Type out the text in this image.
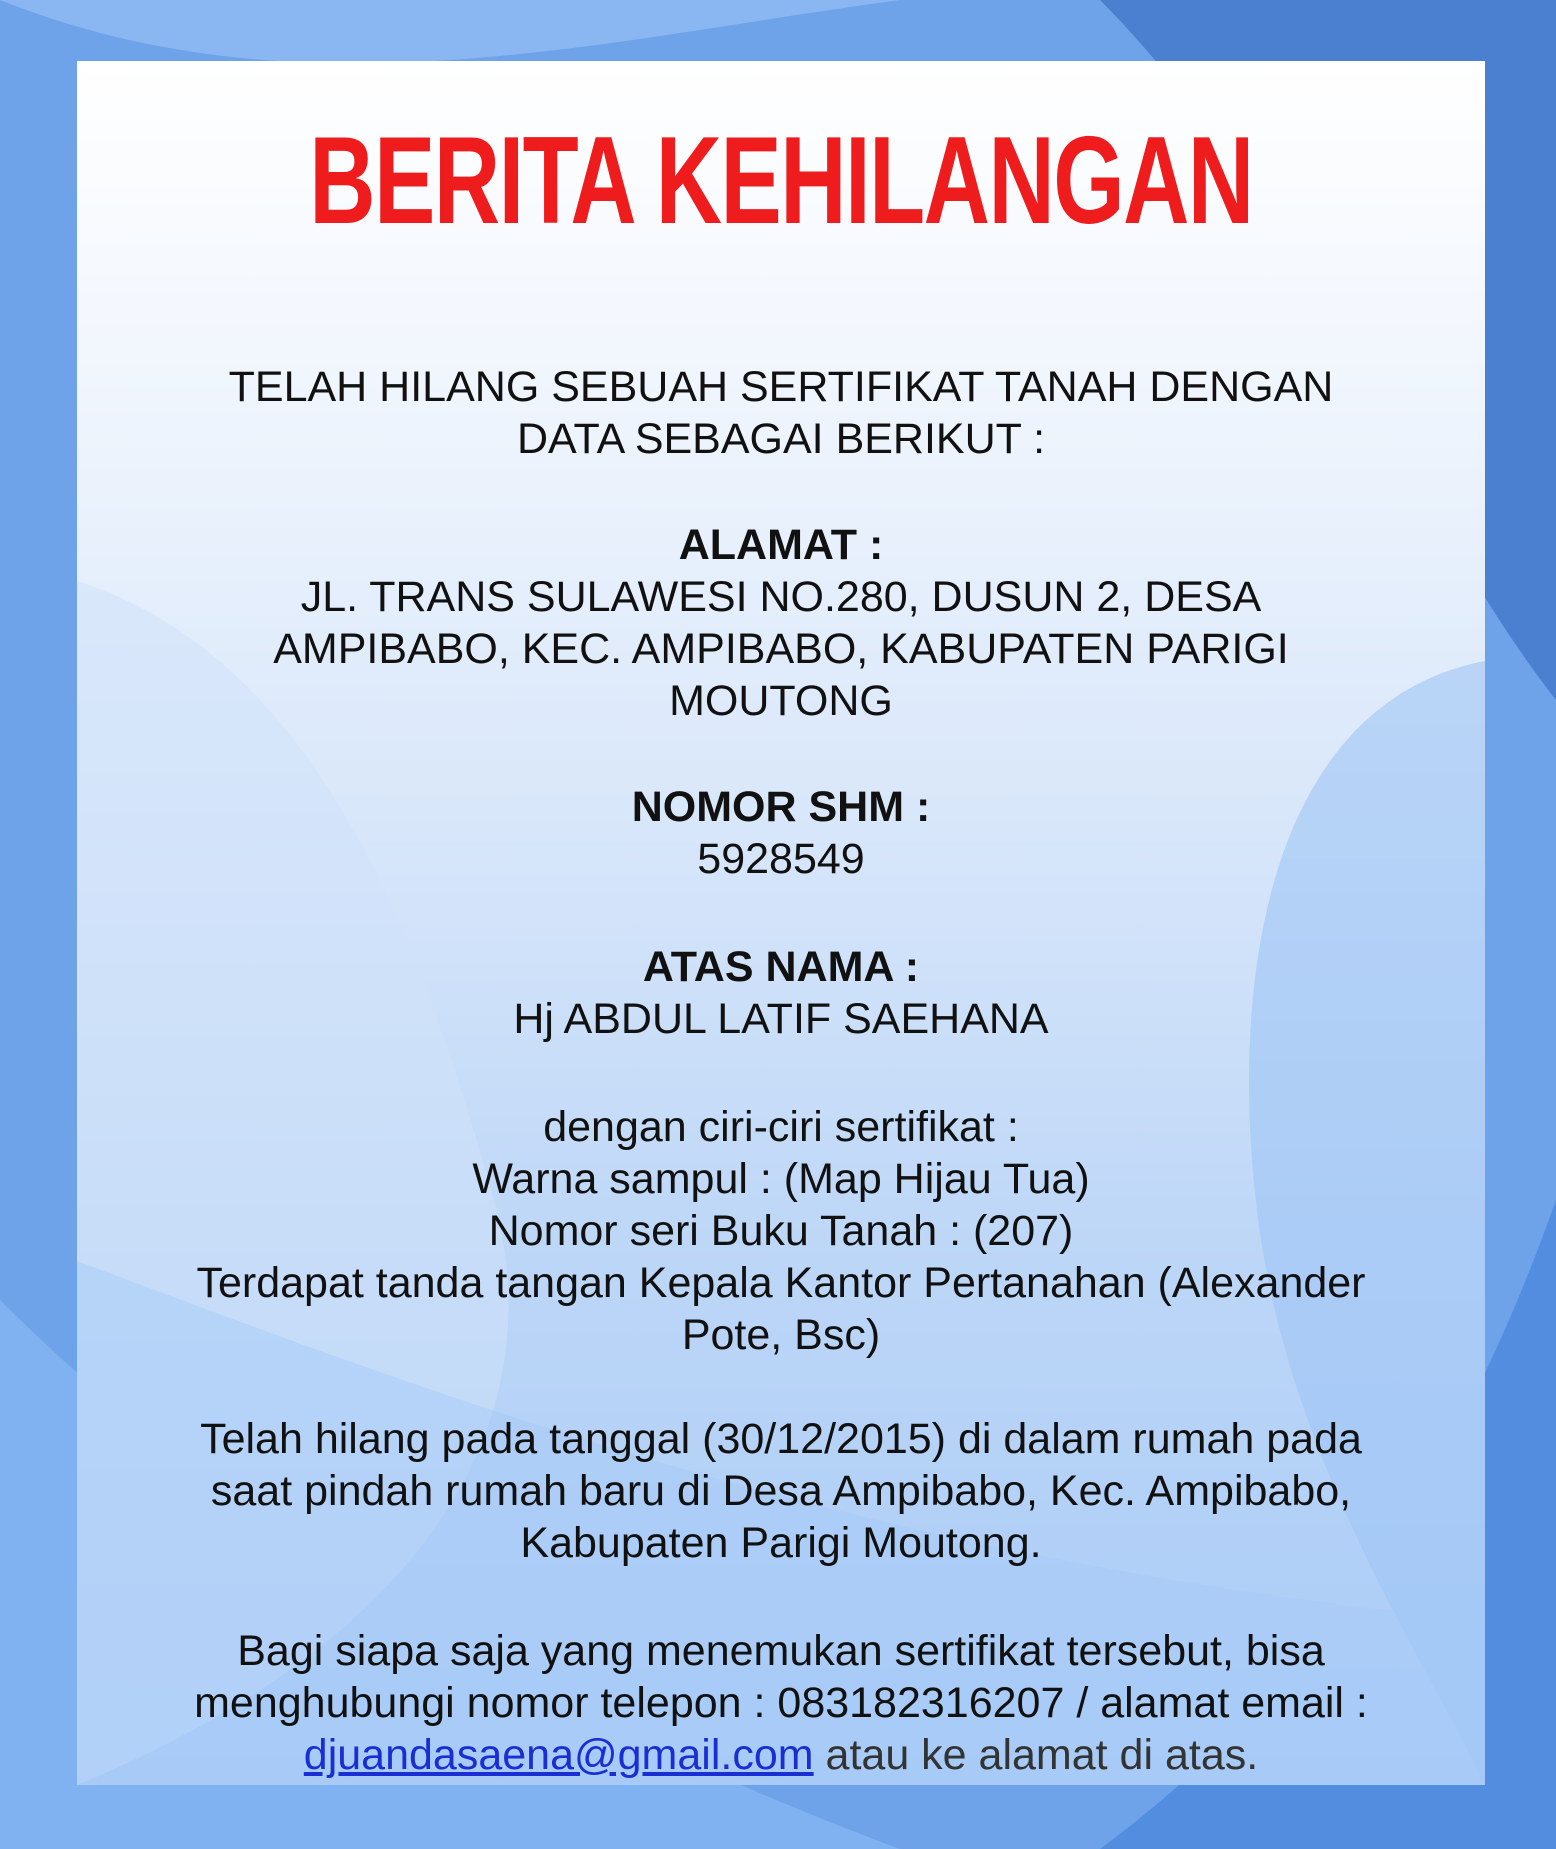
BERITA KEHILANGAN

TELAH HILANG SEBUAH SERTIFIKAT TANAH DENGAN

DATA SEBAGAI BERIKUT :

ALAMAT :

JL. TRANS SULAWESI NO.280, DUSUN 2, DESA

AMPIBABO, KEC. AMPIBABO, KABUPATEN PARIGI

MOUTONG

NOMOR SHM :

5928549

ATAS NAMA :

Hj ABDUL LATIF SAEHANA

dengan ciri-ciri sertifikat :

Warna sampul : (Map Hijau Tua)

Nomor seri Buku Tanah : (207)

Terdapat tanda tangan Kepala Kantor Pertanahan (Alexander

Pote, Bsc)

Telah hilang pada tanggal (30/12/2015) di dalam rumah pada

saat pindah rumah baru di Desa Ampibabo, Kec. Ampibabo,

Kabupaten Parigi Moutong.

Bagi siapa saja yang menemukan sertifikat tersebut, bisa

menghubungi nomor telepon : 083182316207 / alamat email :

djuandasaena@gmail.com atau ke alamat di atas.
